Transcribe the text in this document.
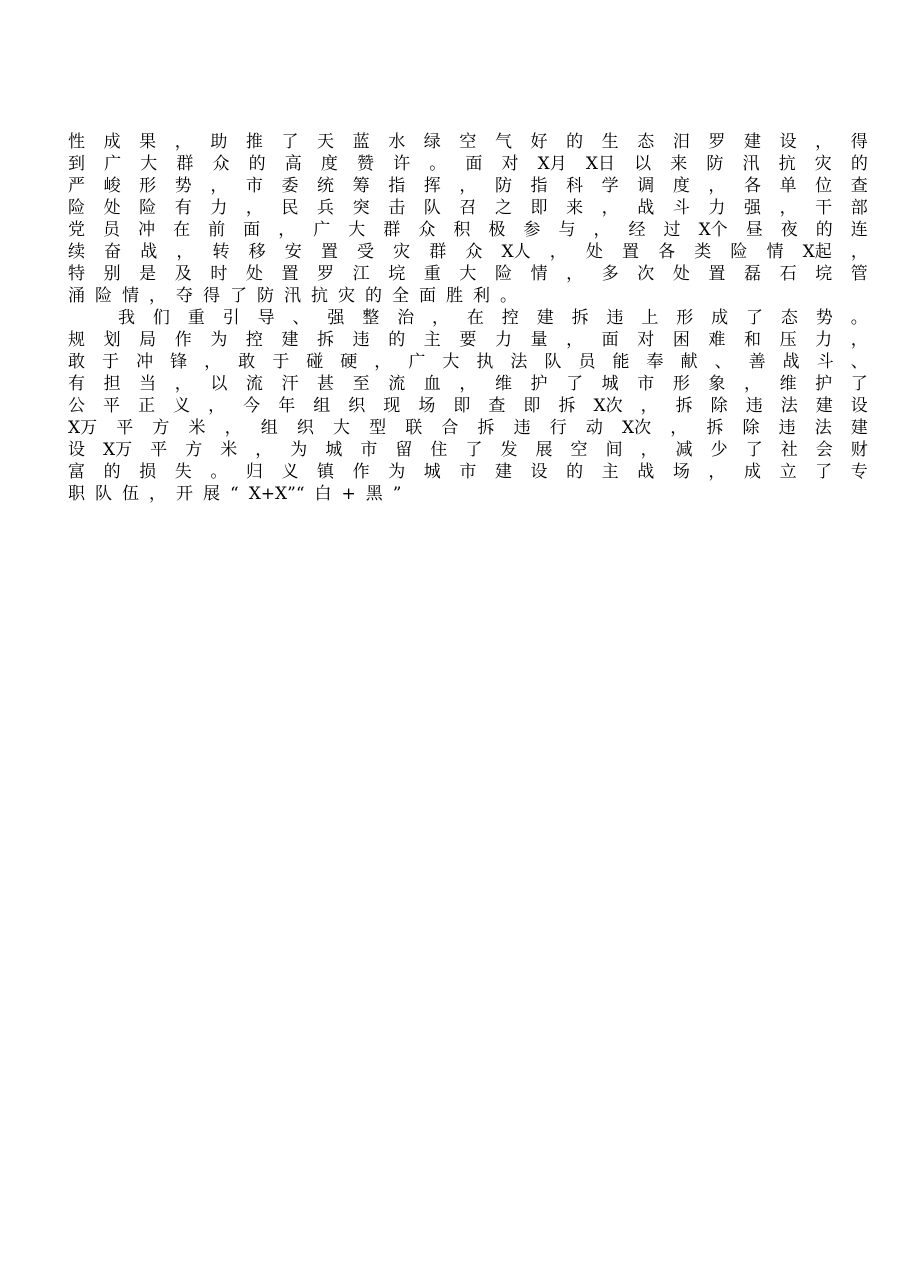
性 成 果 ， 助 推 了 天 蓝 水 绿 空 气 好 的 生 态 汨 罗 建 设 ， 得
到 广 大 群 众 的 高 度 赞 许 。 面 对 X月 X日 以 来 防 汛 抗 灾 的
严 峻 形 势 ， 市 委 统 筹 指 挥 ， 防 指 科 学 调 度 ， 各 单 位 查
险 处 险 有 力 ， 民 兵 突 击 队 召 之 即 来 ， 战 斗 力 强 ， 干 部
党 员 冲 在 前 面 ， 广 大 群 众 积 极 参 与 ， 经 过 X个 昼 夜 的 连
续 奋 战 ， 转 移 安 置 受 灾 群 众 X人 ， 处 置 各 类 险 情 X起 ，
特 别 是 及 时 处 置 罗 江 垸 重 大 险 情 ， 多 次 处 置 磊 石 垸 管
涌 险 情 ， 夺 得 了 防 汛 抗 灾 的 全 面 胜 利 。
我 们 重 引 导 、 强 整 治 ， 在 控 建 拆 违 上 形 成 了 态 势 。
规 划 局 作 为 控 建 拆 违 的 主 要 力 量 ， 面 对 困 难 和 压 力 ，
敢 于 冲 锋 ， 敢 于 碰 硬 ， 广 大 执 法 队 员 能 奉 献 、 善 战 斗 、
有 担 当 ， 以 流 汗 甚 至 流 血 ， 维 护 了 城 市 形 象 ， 维 护 了
公 平 正 义 ， 今 年 组 织 现 场 即 查 即 拆 X次 ， 拆 除 违 法 建 设
X万 平 方 米 ， 组 织 大 型 联 合 拆 违 行 动 X次 ， 拆 除 违 法 建
设 X万 平 方 米 ， 为 城 市 留 住 了 发 展 空 间 ， 减 少 了 社 会 财
富 的 损 失 。 归 义 镇 作 为 城 市 建 设 的 主 战 场 ， 成 立 了 专
职 队 伍 ， 开 展 “ X+X”“ 白 + 黑 ”
